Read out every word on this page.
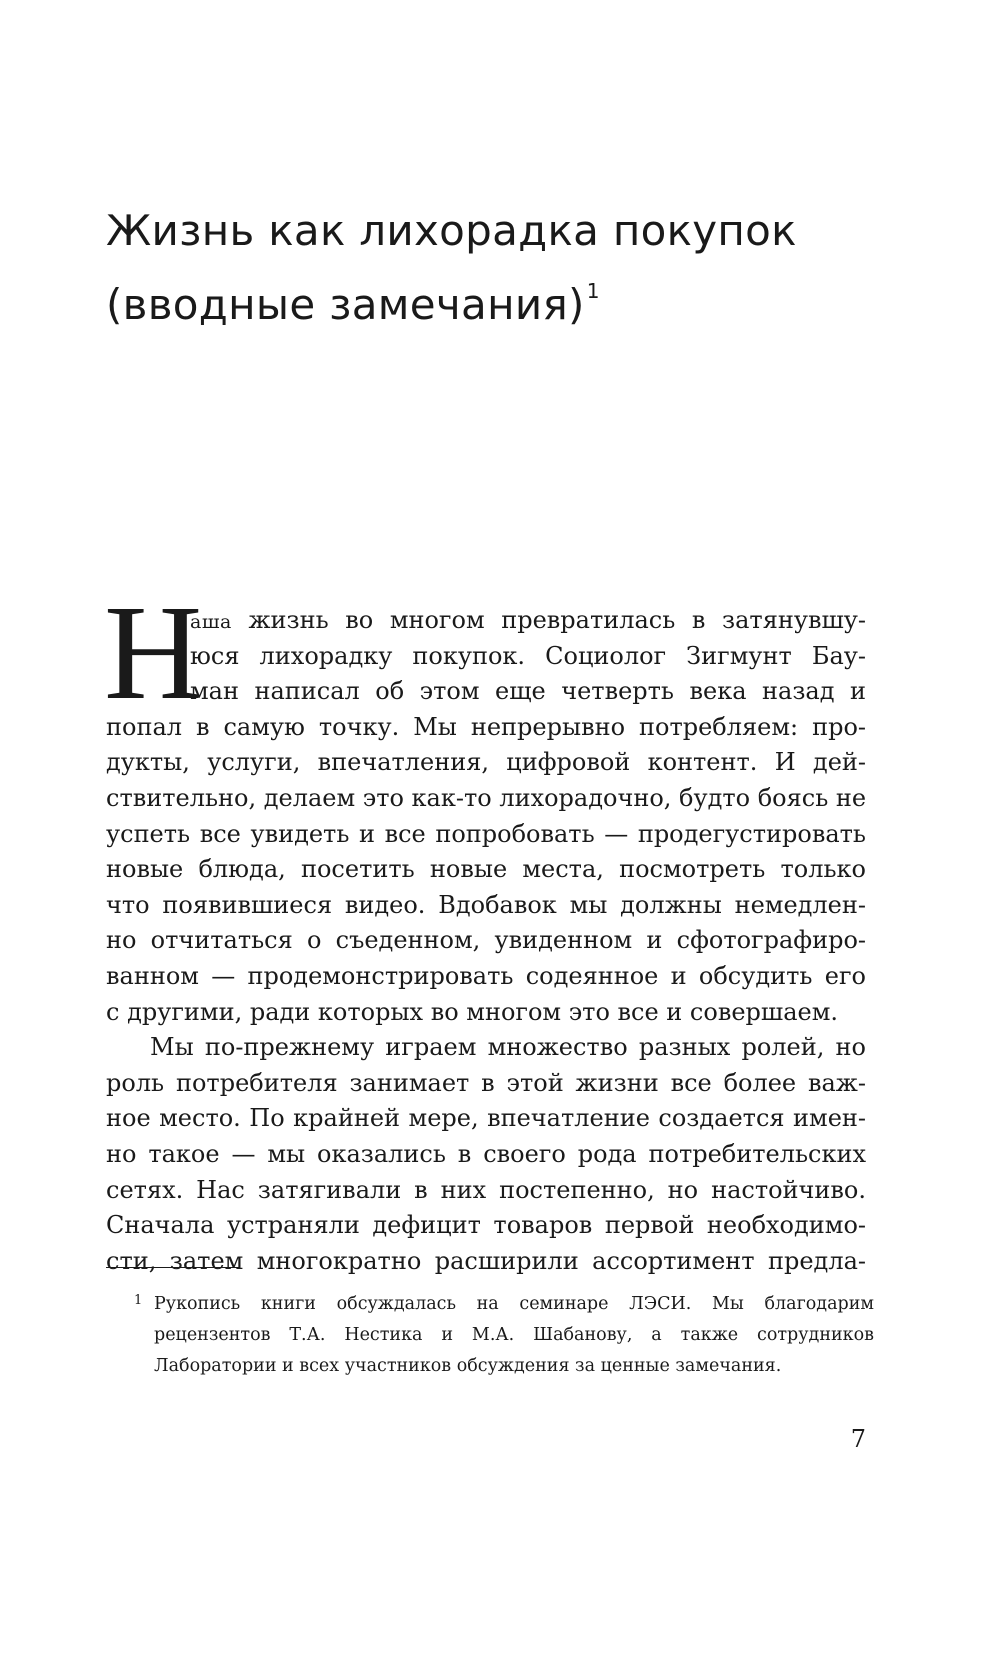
Жизнь как лихорадка покупок
(вводные замечания) $^1$
Н
аша жизнь во многом превратилась в затянувшу-
юся лихорадку покупок. Социолог Зигмунт Бау-
ман написал об этом еще четверть века назад и
попал в самую точку. Мы непрерывно потребляем: про-
дукты, услуги, впечатления, цифровой контент. И дей-
ствительно, делаем это как-то лихорадочно, будто боясь не
успеть все увидеть и все попробовать — продегустировать
новые блюда, посетить новые места, посмотреть только
что появившиеся видео. Вдобавок мы должны немедлен-
но отчитаться о съеденном, увиденном и сфотографиро-
ванном — продемонстрировать содеянное и обсудить его
с другими, ради которых во многом это все и совершаем.
Мы по-прежнему играем множество разных ролей, но
роль потребителя занимает в этой жизни все более важ-
ное место. По крайней мере, впечатление создается имен-
но такое — мы оказались в своего рода потребительских
сетях. Нас затягивали в них постепенно, но настойчиво.
Сначала устраняли дефицит товаров первой необходимо-
сти, затем многократно расширили ассортимент предла-
1 Рукопись книги обсуждалась на семинаре ЛЭСИ. Мы благодарим
рецензентов Т.А. Нестика и М.А. Шабанову, а также сотрудников
Лаборатории и всех участников обсуждения за ценные замечания.
7
